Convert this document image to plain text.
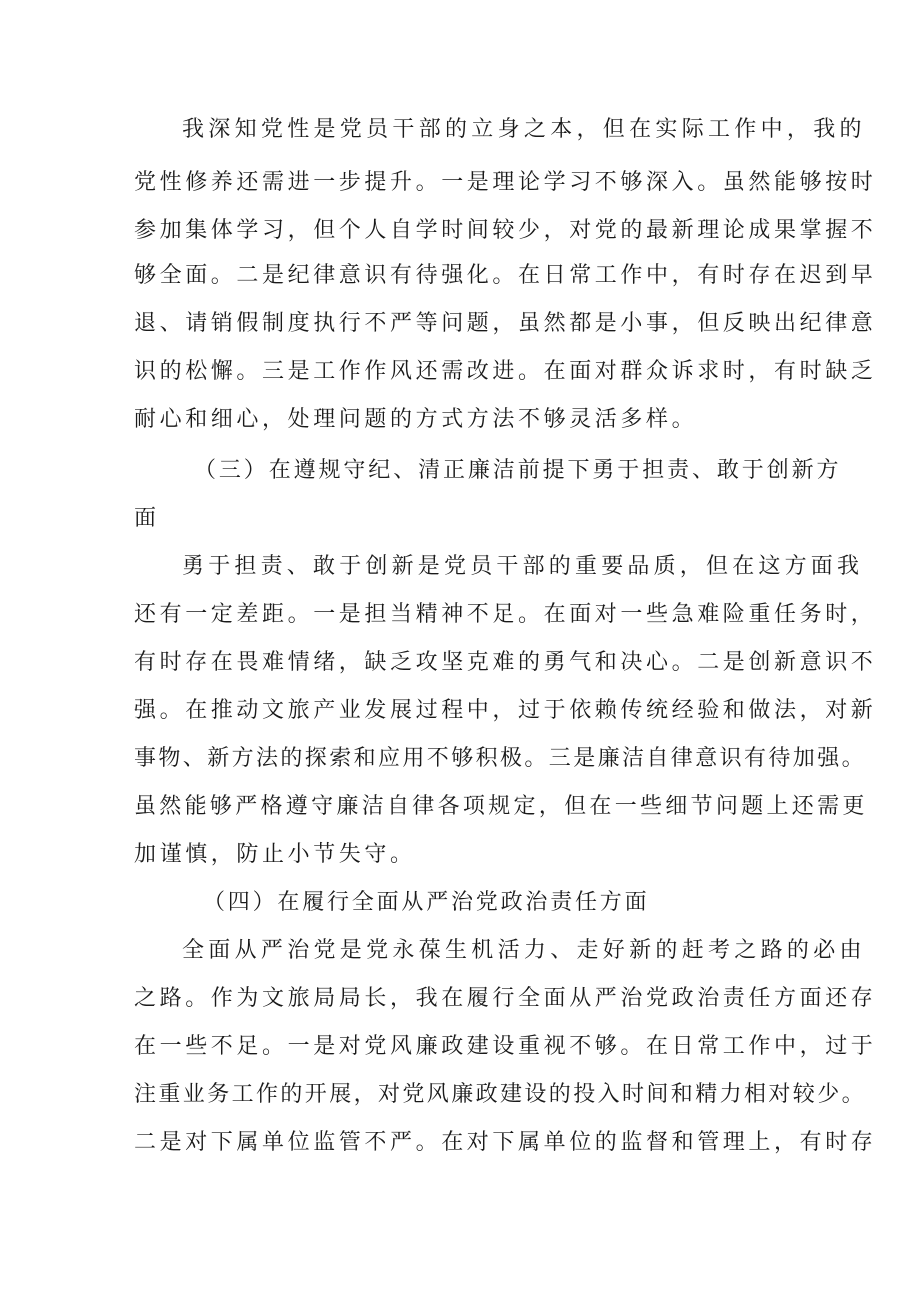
我深知党性是党员干部的立身之本，但在实际工作中，我的
党性修养还需进一步提升。一是理论学习不够深入。虽然能够按时
参加集体学习，但个人自学时间较少，对党的最新理论成果掌握不
够全面。二是纪律意识有待强化。在日常工作中，有时存在迟到早
退、请销假制度执行不严等问题，虽然都是小事，但反映出纪律意
识的松懈。三是工作作风还需改进。在面对群众诉求时，有时缺乏
耐心和细心，处理问题的方式方法不够灵活多样。
（三）在遵规守纪、清正廉洁前提下勇于担责、敢于创新方
面
勇于担责、敢于创新是党员干部的重要品质，但在这方面我
还有一定差距。一是担当精神不足。在面对一些急难险重任务时，
有时存在畏难情绪，缺乏攻坚克难的勇气和决心。二是创新意识不
强。在推动文旅产业发展过程中，过于依赖传统经验和做法，对新
事物、新方法的探索和应用不够积极。三是廉洁自律意识有待加强。
虽然能够严格遵守廉洁自律各项规定，但在一些细节问题上还需更
加谨慎，防止小节失守。
（四）在履行全面从严治党政治责任方面
全面从严治党是党永葆生机活力、走好新的赶考之路的必由
之路。作为文旅局局长，我在履行全面从严治党政治责任方面还存
在一些不足。一是对党风廉政建设重视不够。在日常工作中，过于
注重业务工作的开展，对党风廉政建设的投入时间和精力相对较少。
二是对下属单位监管不严。在对下属单位的监督和管理上，有时存
